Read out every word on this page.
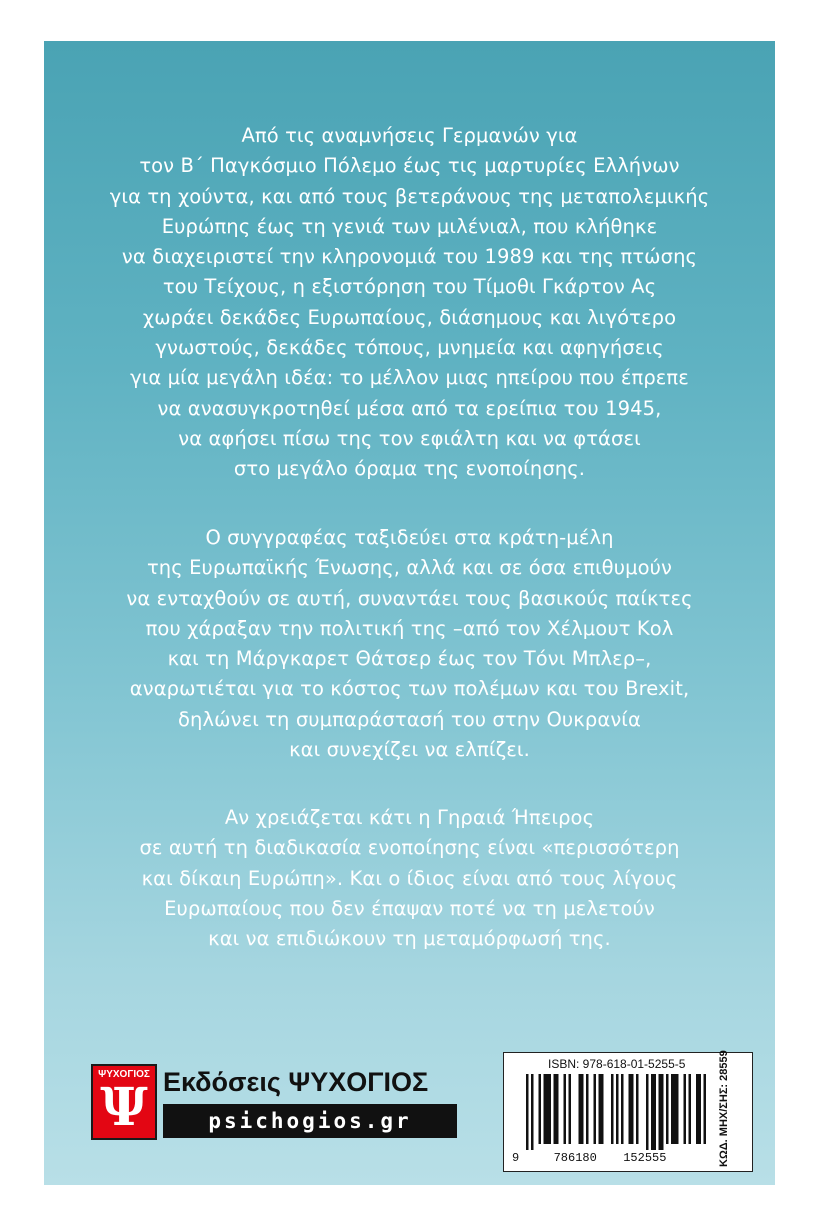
Από τις αναμνήσεις Γερμανών για
τον Β΄ Παγκόσμιο Πόλεμο έως τις μαρτυρίες Ελλήνων
για τη χούντα, και από τους βετεράνους της μεταπολεμικής
Ευρώπης έως τη γενιά των μιλένιαλ, που κλήθηκε
να διαχειριστεί την κληρονομιά του 1989 και της πτώσης
του Τείχους, η εξιστόρηση του Τίμοθι Γκάρτον Ας
χωράει δεκάδες Ευρωπαίους, διάσημους και λιγότερο
γνωστούς, δεκάδες τόπους, μνημεία και αφηγήσεις
για μία μεγάλη ιδέα: το μέλλον μιας ηπείρου που έπρεπε
να ανασυγκροτηθεί μέσα από τα ερείπια του 1945,
να αφήσει πίσω της τον εφιάλτη και να φτάσει
στο μεγάλο όραμα της ενοποίησης.
Ο συγγραφέας ταξιδεύει στα κράτη-μέλη
της Ευρωπαϊκής Ένωσης, αλλά και σε όσα επιθυμούν
να ενταχθούν σε αυτή, συναντάει τους βασικούς παίκτες
που χάραξαν την πολιτική της –από τον Χέλμουτ Κολ
και τη Μάργκαρετ Θάτσερ έως τον Τόνι Μπλερ–,
αναρωτιέται για το κόστος των πολέμων και του Brexit,
δηλώνει τη συμπαράστασή του στην Ουκρανία
και συνεχίζει να ελπίζει.
Αν χρειάζεται κάτι η Γηραιά Ήπειρος
σε αυτή τη διαδικασία ενοποίησης είναι «περισσότερη
και δίκαιη Ευρώπη». Και ο ίδιος είναι από τους λίγους
Ευρωπαίους που δεν έπαψαν ποτέ να τη μελετούν
και να επιδιώκουν τη μεταμόρφωσή της.
ΨΥΧΟΓΙΟΣ
Ψ Εκδόσεις ΨΥΧΟΓΙΟΣ
psichogios.gr
ISBN: 978-618-01-5255-5
9	786180 152555	ΚΩΔ. ΜΗΧ/ΣΗΣ: 28559
